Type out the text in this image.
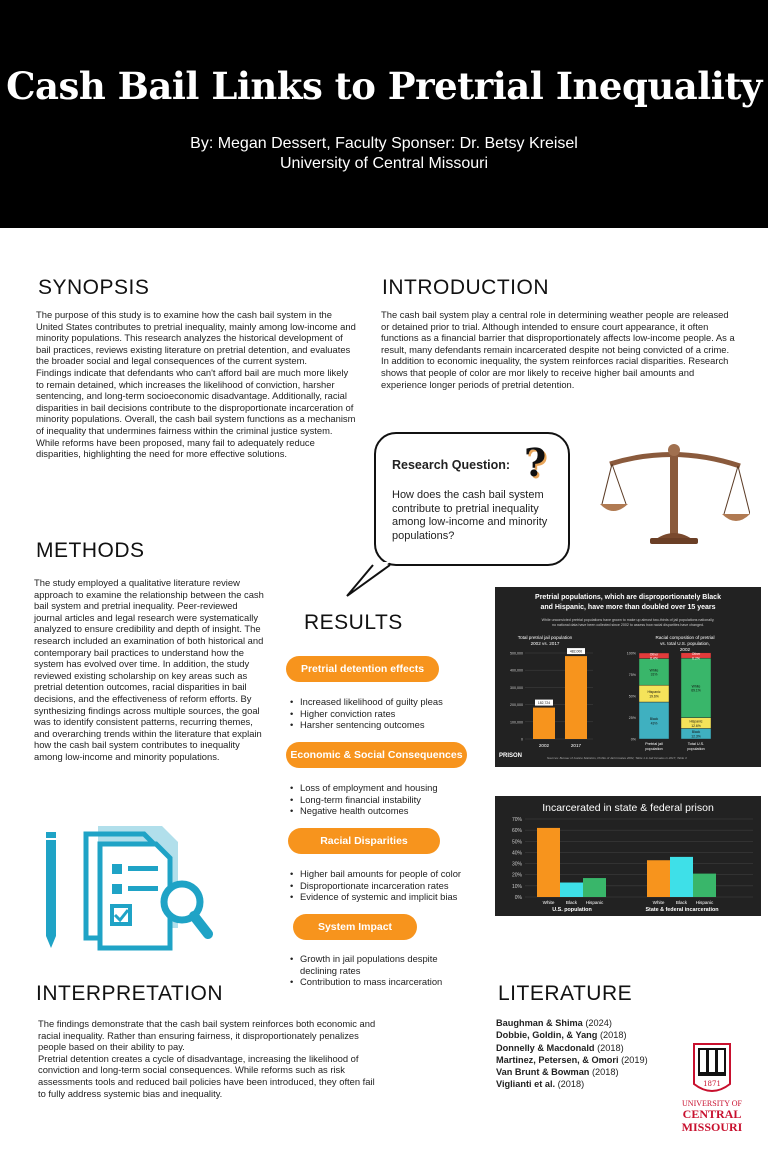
Cash Bail Links to Pretrial Inequality
By: Megan Dessert, Faculty Sponser: Dr. Betsy Kreisel
University of Central Missouri
SYNOPSIS

The purpose of this study is to examine how the cash bail system in the United States contributes to pretrial inequality, mainly among low-income and minority populations. This research analyzes the historical development of bail practices, reviews existing literature on pretrial detention, and evaluates the broader social and legal consequences of the current system.

Findings indicate that defendants who can't afford bail are much more likely to remain detained, which increases the likelihood of conviction, harsher sentencing, and long-term socioeconomic disadvantage. Additionally, racial disparities in bail decisions contribute to the disproportionate incarceration of minority populations. Overall, the cash bail system functions as a mechanism of inequality that undermines fairness within the criminal justice system. While reforms have been proposed, many fail to adequately reduce disparities, highlighting the need for more effective solutions.

INTRODUCTION

The cash bail system play a central role in determining weather people are released or detained prior to trial. Although intended to ensure court appearance, it often functions as a financial barrier that disproportionately affects low-income people. As a result, many defendants remain incarcerated despite not being convicted of a crime.

In addition to economic inequality, the system reinforces racial disparities. Research shows that people of color are mor likely to receive higher bail amounts and experience longer periods of pretrial detention.

Research Question: ?
How does the cash bail system contribute to pretrial inequality among low-income and minority populations?
METHODS
The study employed a qualitative literature review approach to examine the relationship between the cash bail system and pretrial inequality. Peer-reviewed journal articles and legal research were systematically analyzed to ensure credibility and depth of insight. The research included an examination of both historical and contemporary bail practices to understand how the system has evolved over time. In addition, the study reviewed existing scholarship on key areas such as pretrial detention outcomes, racial disparities in bail decisions, and the effectiveness of reform efforts. By synthesizing findings across multiple sources, the goal was to identify consistent patterns, recurring themes, and overarching trends within the literature that explain how the cash bail system contributes to inequality among low-income and minority populations.
RESULTS
Pretrial detention effects
• Increased likelihood of guilty pleas
• Higher conviction rates
• Harsher sentencing outcomes
Economic & Social Consequences
• Loss of employment and housing
• Long-term financial instability
• Negative health outcomes
Racial Disparities
• Higher bail amounts for people of color
• Disproportionate incarceration rates
• Evidence of systemic and implicit bias
System Impact
• Growth in jail populations despite declining rates
• Contribution to mass incarceration
Pretrial populations, which are disproportionately Black
and Hispanic, have more than doubled over 15 years
While unconvicted pretrial populations have grown to make up almost two-thirds of jail populations nationally,
no national data have been collected since 2002 to assess how racial disparities have changed.
Total pretrial jail population
2002 vs. 2017
0
100,000
200,000
300,000
400,000
500,000
182,724
2002
482,000
2017
Racial composition of pretrial
vs. total U.S. population,
2002
0%
25%
50%
75%
100%
Black
43%
Hispanic
19.6%
White
31%
Other
6.4%
Pretrial jail
population
Black
12.3%
Hispanic
12.6%
White
69.1%
Other
6.2%
Total U.S.
population
PRISON	Sources: Bureau of Justice Statistics, Profile of Jail Inmates 2002, Table 1 & Jail Inmates in 2017, Table 3
Incarcerated in state & federal prison
0%
10%
20%
30%
40%
50%
60%
70%
White	Black Hispanic
U.S. population
White	Black Hispanic
State & federal incarceration
INTERPRETATION

The findings demonstrate that the cash bail system reinforces both economic and racial inequality. Rather than ensuring fairness, it disproportionately penalizes people based on their ability to pay.

Pretrial detention creates a cycle of disadvantage, increasing the likelihood of conviction and long-term social consequences. While reforms such as risk assessments tools and reduced bail policies have been introduced, they often fail to fully address systemic bias and inequality.

LITERATURE
Baughman & Shima (2024)
Dobbie, Goldin, & Yang (2018)
Donnelly & Macdonald (2018)
Martinez, Petersen, & Omori (2019)
Van Brunt & Bowman (2018)
Viglianti et al. (2018)	1871
UNIVERSITY OF
CENTRAL
MISSOURI
